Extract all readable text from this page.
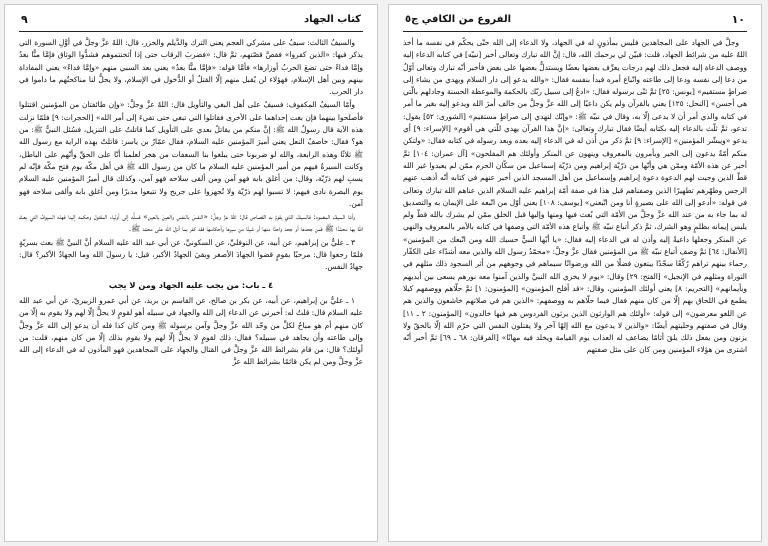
٩	كتاب الجهاد

والسيفُ الثالث: سيفٌ على مشركي العجم يعني الترك والدَّيلم والخزر، قال: اللهُ عزَّ وجلَّ في أوَّلِ السورة التي يذكر فيها: «الذين كفروا» فقصَّ قصّتهم، ثمَّ قال: «فضربَ الرقاب حتى إذا أثخنتموهم فشدُّوا الوثاق فإمَّا منًّا بعدُ وإمَّا فداءً حتى تضعَ الحربُ أوزارها» فأمَّا قوله: «فإمَّا منًّا بعدُ» يعني بعد السبي منهم «وإمَّا فداءً» يعني المفاداة بينهم وبين أهل الإسلام، فهؤلاء لن يُقبل منهم إلّا القتلُ أو الدُّخول في الإسلام، ولا يحلُّ لنا مناكحتُهم ما داموا في دار الحرب.

وأمّا السيفُ المكفوف: فسيفٌ على أهل البغي والتأويل قال: اللهُ عزَّ وجلَّ: «وإن طائفتان من المؤمنين اقتتلوا فأصلحوا بينهما فإن بغت إحداهما على الأخرى فقاتلوا التي تبغي حتى تفيءَ إلى أمر الله» [الحجرات: ٩] فلمّا نزلت هذه الآية قال رسولُ الله ﷺ: إنَّ منكم من يقاتلُ بعدي على التأويل كما قاتلتُ على التنزيل، فسُئل النبيُّ ﷺ: من هو؟ فقال: خاصفُ النعل يعني أميرَ المؤمنين عليه السلام، فقال عمّارُ بن ياسر: قاتلتُ بهذه الراية مع رسول الله ﷺ ثلاثًا وهذه الرابعة، والله لو ضربونا حتى يبلغوا بنا السعفات من هجر لعلمنا أنّا على الحقِّ وأنّهم على الباطل، وكانت السيرةُ فيهم من أمير المؤمنين عليه السلام ما كان من رسول الله ﷺ في أهل مكّة يوم فتح مكّة فإنّه لم يسبِ لهم ذرّيّة، وقال: من أغلق بابه فهو آمن ومن ألقى سلاحه فهو آمن، وكذلك قال أميرُ المؤمنين عليه السلام يوم البصرة نادى فيهم: لا تسبوا لهم ذرّيّة ولا تُجهزوا على جريح ولا تتبعوا مدبرًا ومن أغلق بابه وألقى سلاحه فهو آمن.

وأمّا السيفُ المغمود: فالسيفُ الذي يقومُ به القصاص قال: اللهُ عزَّ وجلَّ: «النفسَ بالنفسِ والعينَ بالعين» فسلُّه إلى أولياء المقتول وحكمه إلينا فهذه السيوفُ التي بعثَ اللهُ بها محمّدًا ﷺ فمن جحدها أو جحد واحدًا منها أو شيئًا من سيرها وأحكامها فقد كفر بما أنزل الله على محمّد ﷺ.

٣ ـ عليُّ بن إبراهيم، عن أبيه، عن النوفليِّ، عن السكونيِّ، عن أبي عبد الله عليه السلام أنَّ النبيَّ ﷺ بعث بسريّةٍ فلمّا رجعوا قال: مرحبًا بقومٍ قضوا الجهادَ الأصغر وبقيَ الجهادُ الأكبر، قيل: يا رسولَ الله وما الجهادُ الأكبر؟ قال: جهادُ النفس.

٤ ـ باب: من يجب عليه الجهاد ومن لا يجب

١ ـ عليُّ بن إبراهيم، عن أبيه، عن بكر بن صالح، عن القاسم بن بريد، عن أبي عمرو الزبيريّ، عن أبي عبد الله عليه السلام قال: قلتُ له: أخبرني عن الدعاء إلى الله والجهاد في سبيله أهو لقومٍ لا يحلُّ إلّا لهم ولا يقوم به إلّا من كان منهم أم هو مباحٌ لكلِّ من وحّد الله عزَّ وجلَّ وآمن برسوله ﷺ ومن كان كذا فله أن يدعو إلى الله عزَّ وجلَّ وإلى طاعته وأن يجاهد في سبيله؟ فقال: ذلك لقومٍ لا يحلُّ إلّا لهم ولا يقوم بذلك إلّا من كان منهم، قلت: من أولئك؟ قال: من قام بشرائط الله عزَّ وجلَّ في القتال والجهاد على المجاهدين فهو المأذون له في الدعاء إلى الله عزَّ وجلَّ ومن لم يكن قائمًا بشرائط الله عزَّ

١٠
الفروع من الكافي ج٥

وجلَّ في الجهاد على المجاهدين فليس بمأذونٍ له في الجهاد، ولا الدعاء إلى الله حتّى يحكّم في نفسه ما أخذ اللهُ عليه من شرائط الجهاد، قلت: فبيّن لي يرحمك الله، قال: إنَّ الله تبارك وتعالى أخبر [نبيّه] في كتابه الدعاء إليه ووصف الدعاة إليه فجعل ذلك لهم درجات يعرِّف بعضها بعضًا ويستدلُّ بعضها على بعض فأخبر أنّه تبارك وتعالى أوّلُ من دعا إلى نفسه ودعا إلى طاعته واتّباع أمره فبدأ بنفسه فقال: «والله يدعو إلى دار السلام ويهدي من يشاء إلى صراطٍ مستقيم» [يونس: ٢٥] ثمَّ ثنّى برسوله فقال: «ادعُ إلى سبيل ربّك بالحكمة والموعظة الحسنة وجادلهم بالّتي هي أحسن» [النحل: ١٢٥] يعني بالقرآن ولم يكن داعيًا إلى الله عزَّ وجلَّ من خالف أمرَ الله ويدعو إليه بغير ما أمر في كتابه والذي أمر أن لا يدعى إلّا به، وقال في نبيّه ﷺ: «وإنّك لتهدي إلى صراطٍ مستقيم» [الشورى: ٥٢] يقول: تدعو، ثمَّ ثلّث بالدعاء إليه بكتابه أيضًا فقال تبارك وتعالى: «إنَّ هذا القرآن يهدي للّتي هي أقوم» [الإسراء: ٩] أي يدعو «ويبشّر المؤمنين» [الإسراء: ٩] ثمَّ ذكر من أُذن له في الدعاء إليه بعده وبعد رسوله في كتابه فقال: «ولتكن منكم أمّةٌ يدعون إلى الخير ويأمرون بالمعروف وينهون عن المنكر وأولئك هم المفلحون» [آل عمران: ١٠٤] ثمَّ أخبر عن هذه الأمّة وممّن هي وأنّها من ذرّيّة إبراهيم ومن ذرّيّة إسماعيل من سكّان الحرم ممّن لم يعبدوا غير الله قطّ الذين وجبت لهم الدعوة دعوة إبراهيم وإسماعيل من أهل المسجد الذين أخبر عنهم في كتابه أنّه أذهب عنهم الرجس وطهّرهم تطهيرًا الذين وصفناهم قبل هذا في صفة أمّة إبراهيم عليه السلام الذين عناهم الله تبارك وتعالى في قوله: «أدعو إلى الله على بصيرةٍ أنا ومن اتّبعني» [يوسف: ١٠٨] يعني أوّل من اتّبعه على الإيمان به والتصديق له بما جاء به من عند الله عزَّ وجلَّ من الأمّة التي بُعث فيها ومنها وإليها قبل الخلق ممّن لم يشرك بالله قطّ ولم يلبس إيمانه بظلمٍ وهو الشرك، ثمَّ ذكر أتباع نبيّه ﷺ وأتباع هذه الأمّة التي وصفها في كتابه بالأمر بالمعروف والنهي عن المنكر وجعلها داعيةً إليه وأذن له في الدعاء إليه فقال: «يا أيّها النبيُّ حسبك الله ومن اتّبعك من المؤمنين» [الأنفال: ٦٤] ثمَّ وصف أتباع نبيّه ﷺ من المؤمنين فقال عزَّ وجلَّ: «محمّدٌ رسول الله والذين معه أشدّاء على الكفّار رحماء بينهم تراهم رُكّعًا سجّدًا يبتغون فضلًا من الله ورضوانًا سيماهم في وجوههم من أثر السجود ذلك مثلهم في التوراة ومثلهم في الإنجيل» [الفتح: ٢٩] وقال: «يوم لا يخزي الله النبيَّ والذين آمنوا معه نورهم يسعى بين أيديهم وبأيمانهم» [التحريم: ٨] يعني أولئك المؤمنين، وقال: «قد أفلح المؤمنون» [المؤمنون: ١] ثمَّ حلّاهم ووصفهم كيلا يطمع في اللحاق بهم إلّا من كان منهم فقال فيما حلّاهم به ووصفهم: «الذين هم في صلاتهم خاشعون والذين هم عن اللغو معرضون» إلى قوله: «أولئك هم الوارثون الذين يرثون الفردوس هم فيها خالدون» [المؤمنون: ٢ ـ ١١] وقال في صفتهم وحليتهم أيضًا: «والذين لا يدعون مع الله إلهًا آخر ولا يقتلون النفس التي حرّم الله إلّا بالحقّ ولا يزنون ومن يفعل ذلك يلقَ أثامًا يضاعف له العذاب يوم القيامة ويخلد فيه مهانًا» [الفرقان: ٦٨ ـ ٦٩] ثمَّ أخبر أنّه اشترى من هؤلاء المؤمنين ومن كان على مثل صفتهم
